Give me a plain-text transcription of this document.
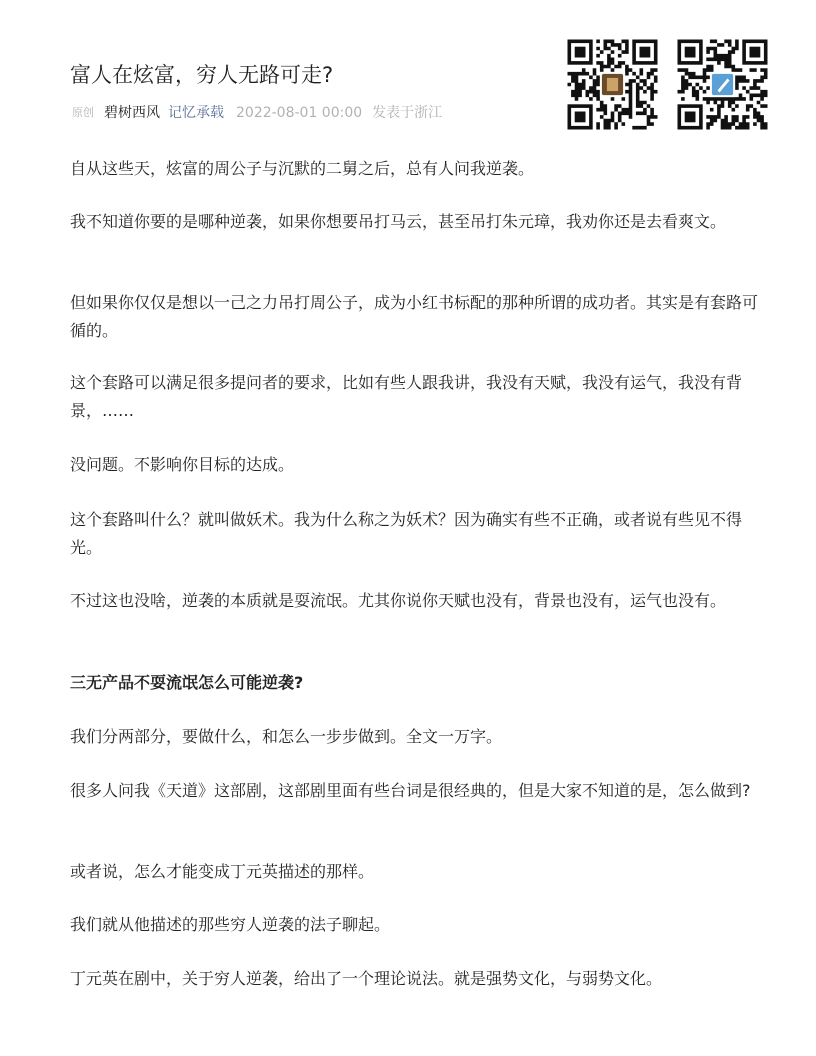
富人在炫富，穷人无路可走?
原创 碧树西风 记忆承载 2022-08-01 00:00 发表于浙江

自从这些天，炫富的周公子与沉默的二舅之后，总有人问我逆袭。

我不知道你要的是哪种逆袭，如果你想要吊打马云，甚至吊打朱元璋，我劝你还是去看爽文。

但如果你仅仅是想以一己之力吊打周公子，成为小红书标配的那种所谓的成功者。其实是有套路可循的。

这个套路可以满足很多提问者的要求，比如有些人跟我讲，我没有天赋，我没有运气，我没有背景，……

没问题。不影响你目标的达成。

这个套路叫什么？就叫做妖术。我为什么称之为妖术？因为确实有些不正确，或者说有些见不得光。

不过这也没啥，逆袭的本质就是耍流氓。尤其你说你天赋也没有，背景也没有，运气也没有。

三无产品不耍流氓怎么可能逆袭?

我们分两部分，要做什么，和怎么一步步做到。全文一万字。

很多人问我《天道》这部剧，这部剧里面有些台词是很经典的，但是大家不知道的是，怎么做到?

或者说，怎么才能变成丁元英描述的那样。

我们就从他描述的那些穷人逆袭的法子聊起。

丁元英在剧中，关于穷人逆袭，给出了一个理论说法。就是强势文化，与弱势文化。
